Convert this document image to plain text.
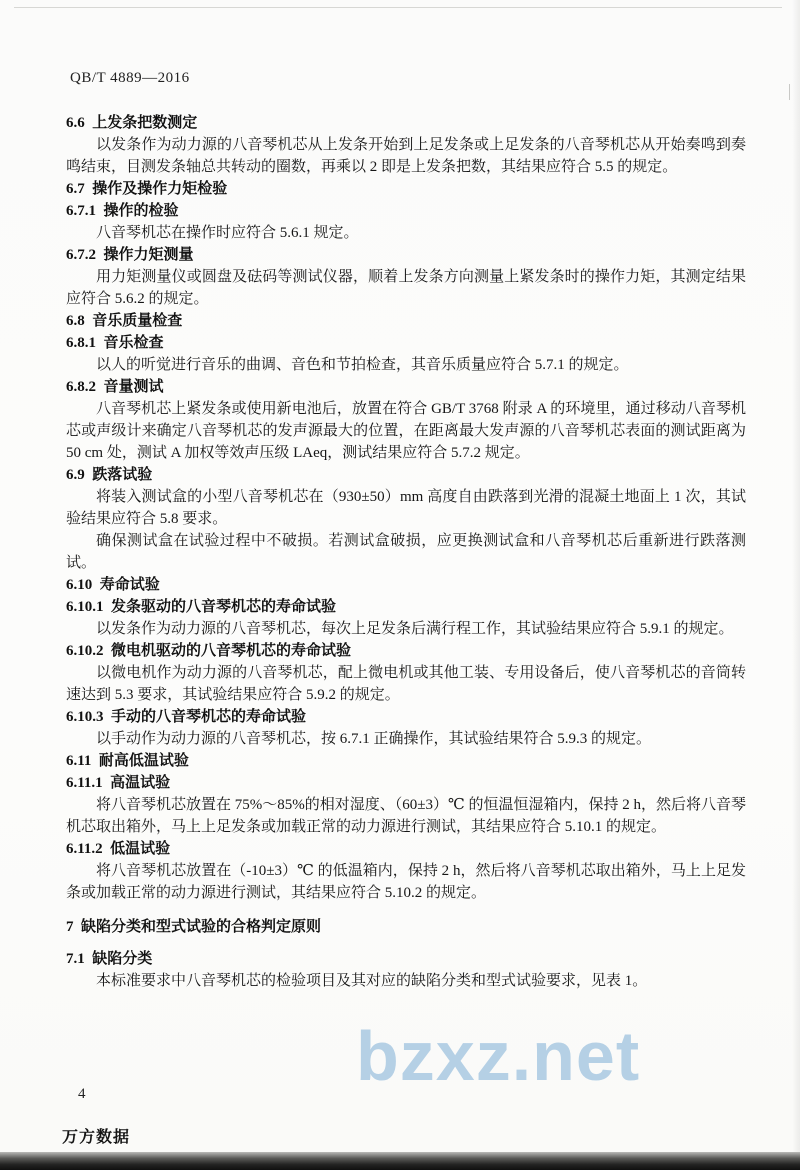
QB/T 4889—2016
6.6  上发条把数测定
以发条作为动力源的八音琴机芯从上发条开始到上足发条或上足发条的八音琴机芯从开始奏鸣到奏鸣结束，目测发条轴总共转动的圈数，再乘以 2 即是上发条把数，其结果应符合 5.5 的规定。
6.7  操作及操作力矩检验
6.7.1  操作的检验
八音琴机芯在操作时应符合 5.6.1 规定。
6.7.2  操作力矩测量
用力矩测量仪或圆盘及砝码等测试仪器，顺着上发条方向测量上紧发条时的操作力矩，其测定结果应符合 5.6.2 的规定。
6.8  音乐质量检查
6.8.1  音乐检查
以人的听觉进行音乐的曲调、音色和节拍检查，其音乐质量应符合 5.7.1 的规定。
6.8.2  音量测试
八音琴机芯上紧发条或使用新电池后，放置在符合 GB/T 3768 附录 A 的环境里，通过移动八音琴机芯或声级计来确定八音琴机芯的发声源最大的位置，在距离最大发声源的八音琴机芯表面的测试距离为 50 cm 处，测试 A 加权等效声压级 LAeq，测试结果应符合 5.7.2 规定。
6.9  跌落试验
将装入测试盒的小型八音琴机芯在（930±50）mm 高度自由跌落到光滑的混凝土地面上 1 次，其试验结果应符合 5.8 要求。
确保测试盒在试验过程中不破损。若测试盒破损，应更换测试盒和八音琴机芯后重新进行跌落测试。
6.10  寿命试验
6.10.1  发条驱动的八音琴机芯的寿命试验
以发条作为动力源的八音琴机芯，每次上足发条后满行程工作，其试验结果应符合 5.9.1 的规定。
6.10.2  微电机驱动的八音琴机芯的寿命试验
以微电机作为动力源的八音琴机芯，配上微电机或其他工装、专用设备后，使八音琴机芯的音筒转速达到 5.3 要求，其试验结果应符合 5.9.2 的规定。
6.10.3  手动的八音琴机芯的寿命试验
以手动作为动力源的八音琴机芯，按 6.7.1 正确操作，其试验结果符合 5.9.3 的规定。
6.11  耐高低温试验
6.11.1  高温试验
将八音琴机芯放置在 75%～85%的相对湿度、（60±3）℃ 的恒温恒湿箱内，保持 2 h，然后将八音琴机芯取出箱外，马上上足发条或加载正常的动力源进行测试，其结果应符合 5.10.1 的规定。
6.11.2  低温试验
将八音琴机芯放置在（-10±3）℃ 的低温箱内，保持 2 h，然后将八音琴机芯取出箱外，马上上足发条或加载正常的动力源进行测试，其结果应符合 5.10.2 的规定。
7  缺陷分类和型式试验的合格判定原则
7.1  缺陷分类
本标准要求中八音琴机芯的检验项目及其对应的缺陷分类和型式试验要求，见表 1。
bzxz.net
4
万方数据
